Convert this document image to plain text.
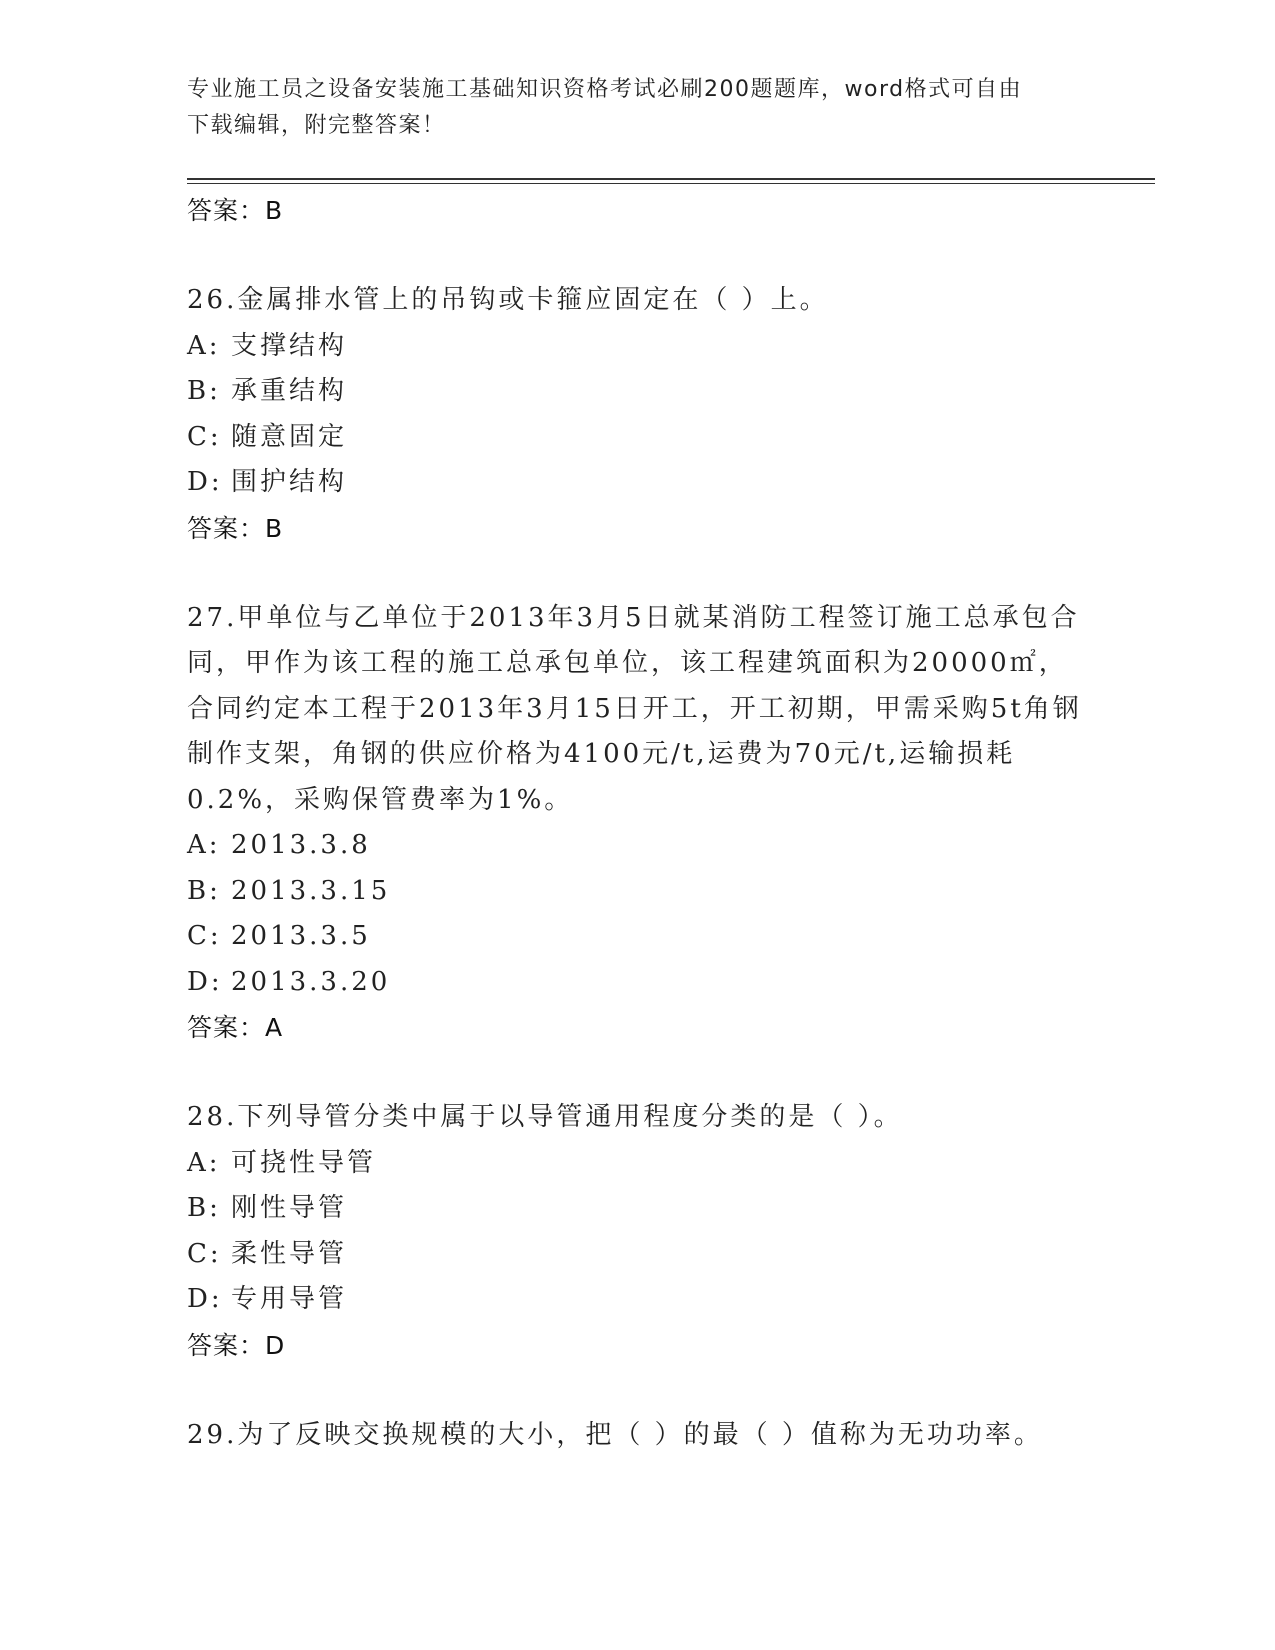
专业施工员之设备安装施工基础知识资格考试必刷200题题库，word格式可自由
下载编辑，附完整答案！
答案：B
26.金属排水管上的吊钩或卡箍应固定在（ ）上。
A: 支撑结构
B: 承重结构
C: 随意固定
D: 围护结构
答案：B
27.甲单位与乙单位于2013年3月5日就某消防工程签订施工总承包合同，甲作为该工程的施工总承包单位，该工程建筑面积为20000㎡，合同约定本工程于2013年3月15日开工，开工初期，甲需采购5t角钢制作支架，角钢的供应价格为4100元/t,运费为70元/t,运输损耗0.2%，采购保管费率为1%。
A: 2013.3.8
B: 2013.3.15
C: 2013.3.5
D: 2013.3.20
答案：A
28.下列导管分类中属于以导管通用程度分类的是（ ）。
A: 可挠性导管
B: 刚性导管
C: 柔性导管
D: 专用导管
答案：D
29.为了反映交换规模的大小，把（ ）的最（ ）值称为无功功率。
